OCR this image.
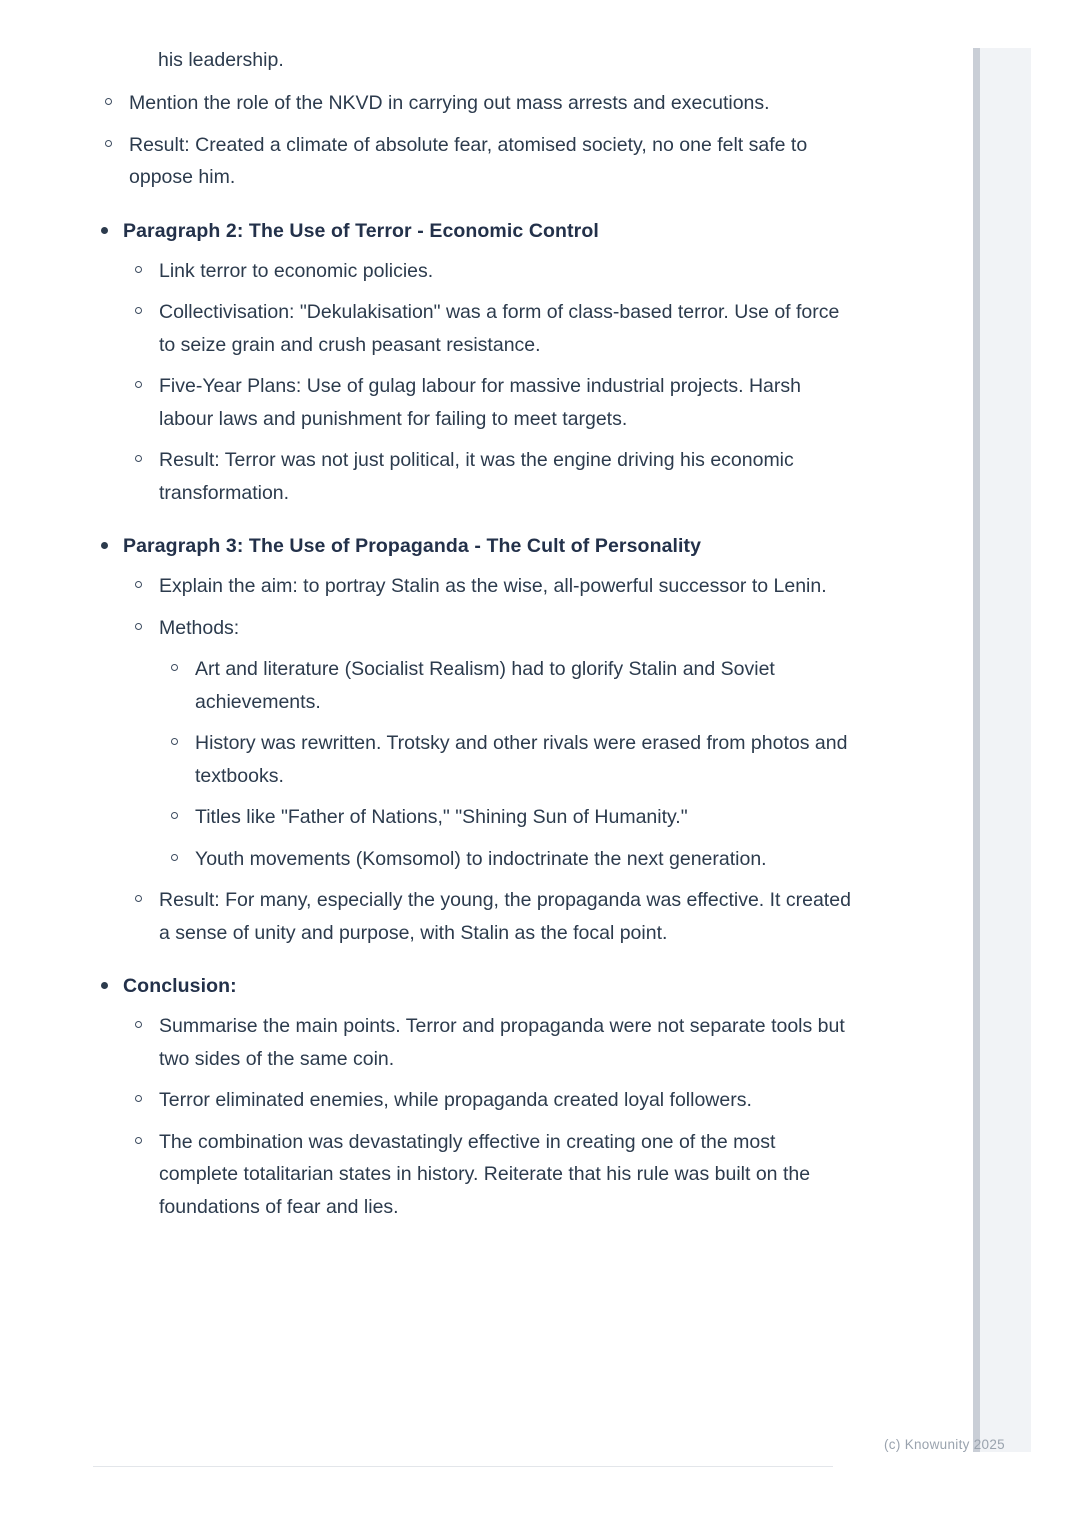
his leadership.
Mention the role of the NKVD in carrying out mass arrests and executions.
Result: Created a climate of absolute fear, atomised society, no one felt safe to oppose him.
Paragraph 2: The Use of Terror - Economic Control
Link terror to economic policies.
Collectivisation: "Dekulakisation" was a form of class-based terror. Use of force to seize grain and crush peasant resistance.
Five-Year Plans: Use of gulag labour for massive industrial projects. Harsh labour laws and punishment for failing to meet targets.
Result: Terror was not just political, it was the engine driving his economic transformation.
Paragraph 3: The Use of Propaganda - The Cult of Personality
Explain the aim: to portray Stalin as the wise, all-powerful successor to Lenin.
Methods:
Art and literature (Socialist Realism) had to glorify Stalin and Soviet achievements.
History was rewritten. Trotsky and other rivals were erased from photos and textbooks.
Titles like "Father of Nations," "Shining Sun of Humanity."
Youth movements (Komsomol) to indoctrinate the next generation.
Result: For many, especially the young, the propaganda was effective. It created a sense of unity and purpose, with Stalin as the focal point.
Conclusion:
Summarise the main points. Terror and propaganda were not separate tools but two sides of the same coin.
Terror eliminated enemies, while propaganda created loyal followers.
The combination was devastatingly effective in creating one of the most complete totalitarian states in history. Reiterate that his rule was built on the foundations of fear and lies.
(c) Knowunity 2025
